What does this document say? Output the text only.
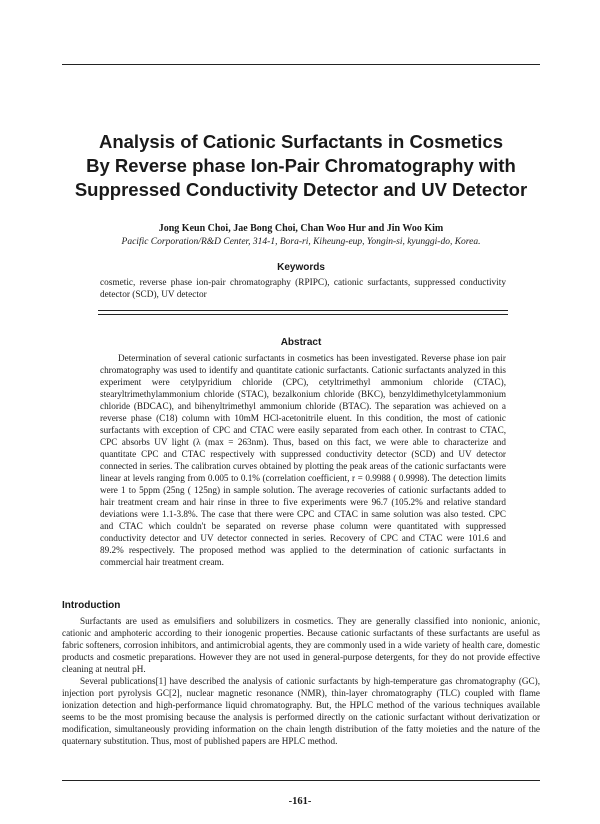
Analysis of Cationic Surfactants in Cosmetics
By Reverse phase Ion-Pair Chromatography with
Suppressed Conductivity Detector and UV Detector
Jong Keun Choi, Jae Bong Choi, Chan Woo Hur and Jin Woo Kim
Pacific Corporation/R&D Center, 314-1, Bora-ri, Kiheung-eup, Yongin-si, kyunggi-do, Korea.
Keywords
cosmetic, reverse phase ion-pair chromatography (RPIPC), cationic surfactants, suppressed conductivity detector (SCD), UV detector
Abstract

Determination of several cationic surfactants in cosmetics has been investigated. Reverse phase ion pair chromatography was used to identify and quantitate cationic surfactants. Cationic surfactants analyzed in this experiment were cetylpyridium chloride (CPC), cetyltrimethyl ammonium chloride (CTAC), stearyltrimethylammonium chloride (STAC), bezalkonium chloride (BKC), benzyldimethylcetylammonium chloride (BDCAC), and bihenyltrimethyl ammonium chloride (BTAC). The separation was achieved on a reverse phase (C18) column with 10mM HCl-acetonitrile eluent. In this condition, the most of cationic surfactants with exception of CPC and CTAC were easily separated from each other. In contrast to CTAC, CPC absorbs UV light (λ (max = 263nm). Thus, based on this fact, we were able to characterize and quantitate CPC and CTAC respectively with suppressed conductivity detector (SCD) and UV detector connected in series. The calibration curves obtained by plotting the peak areas of the cationic surfactants were linear at levels ranging from 0.005 to 0.1% (correlation coefficient, r = 0.9988 ( 0.9998). The detection limits were 1 to 5ppm (25ng ( 125ng) in sample solution. The average recoveries of cationic surfactants added to hair treatment cream and hair rinse in three to five experiments were 96.7 (105.2% and relative standard deviations were 1.1-3.8%. The case that there were CPC and CTAC in same solution was also tested. CPC and CTAC which couldn't be separated on reverse phase column were quantitated with suppressed conductivity detector and UV detector connected in series. Recovery of CPC and CTAC were 101.6 and 89.2% respectively. The proposed method was applied to the determination of cationic surfactants in commercial hair treatment cream.

Introduction

Surfactants are used as emulsifiers and solubilizers in cosmetics. They are generally classified into nonionic, anionic, cationic and amphoteric according to their ionogenic properties. Because cationic surfactants of these surfactants are useful as fabric softeners, corrosion inhibitors, and antimicrobial agents, they are commonly used in a wide variety of health care, domestic products and cosmetic preparations. However they are not used in general-purpose detergents, for they do not provide effective cleaning at neutral pH.

Several publications[1] have described the analysis of cationic surfactants by high-temperature gas chromatography (GC), injection port pyrolysis GC[2], nuclear magnetic resonance (NMR), thin-layer chromatography (TLC) coupled with flame ionization detection and high-performance liquid chromatography. But, the HPLC method of the various techniques available seems to be the most promising because the analysis is performed directly on the cationic surfactant without derivatization or modification, simultaneously providing information on the chain length distribution of the fatty moieties and the nature of the quaternary substitution. Thus, most of published papers are HPLC method.

-161-
